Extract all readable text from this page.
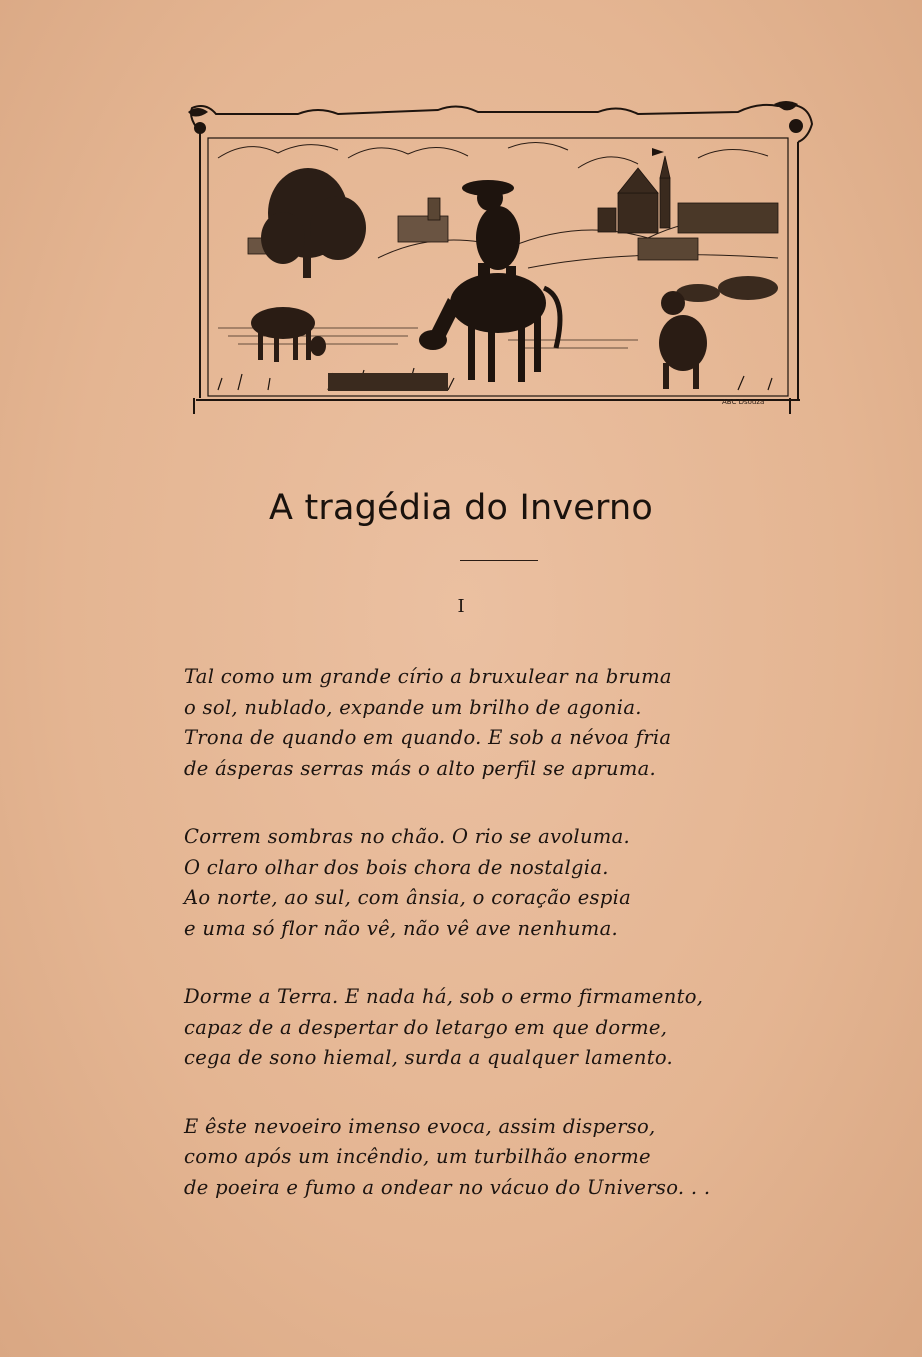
ABC Dsouza
A tragédia do Inverno
I
Tal como um grande círio a bruxulear na bruma
o sol, nublado, expande um brilho de agonia.
Trona de quando em quando. E sob a névoa fria
de ásperas serras más o alto perfil se apruma.
Correm sombras no chão. O rio se avoluma.
O claro olhar dos bois chora de nostalgia.
Ao norte, ao sul, com ânsia, o coração espia
e uma só flor não vê, não vê ave nenhuma.
Dorme a Terra. E nada há, sob o ermo firmamento,
capaz de a despertar do letargo em que dorme,
cega de sono hiemal, surda a qualquer lamento.
E êste nevoeiro imenso evoca, assim disperso,
como após um incêndio, um turbilhão enorme
de poeira e fumo a ondear no vácuo do Universo. . .
